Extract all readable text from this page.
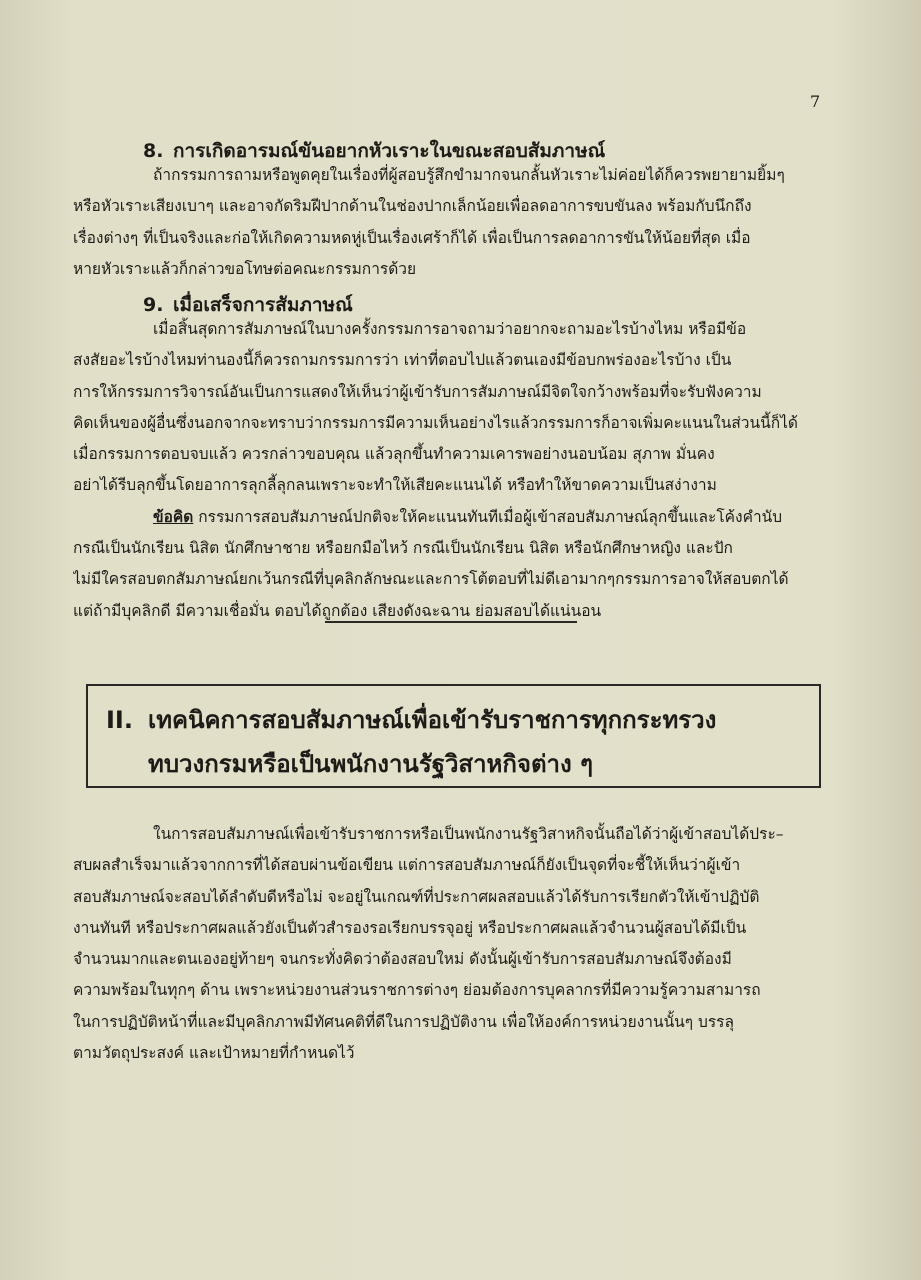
7
8. การเกิดอารมณ์ขันอยากหัวเราะในขณะสอบสัมภาษณ์
ถ้ากรรมการถามหรือพูดคุยในเรื่องที่ผู้สอบรู้สึกขำมากจนกลั้นหัวเราะไม่ค่อยได้ก็ควรพยายามยิ้มๆ
หรือหัวเราะเสียงเบาๆ และอาจกัดริมฝีปากด้านในช่องปากเล็กน้อยเพื่อลดอาการขบขันลง พร้อมกับนึกถึง
เรื่องต่างๆ ที่เป็นจริงและก่อให้เกิดความหดหู่เป็นเรื่องเศร้าก็ได้ เพื่อเป็นการลดอาการขันให้น้อยที่สุด เมื่อ
หายหัวเราะแล้วก็กล่าวขอโทษต่อคณะกรรมการด้วย
9. เมื่อเสร็จการสัมภาษณ์
เมื่อสิ้นสุดการสัมภาษณ์ในบางครั้งกรรมการอาจถามว่าอยากจะถามอะไรบ้างไหม หรือมีข้อ
สงสัยอะไรบ้างไหมท่านองนี้ก็ควรถามกรรมการว่า เท่าที่ตอบไปแล้วตนเองมีข้อบกพร่องอะไรบ้าง เป็น
การให้กรรมการวิจารณ์อันเป็นการแสดงให้เห็นว่าผู้เข้ารับการสัมภาษณ์มีจิตใจกว้างพร้อมที่จะรับฟังความ
คิดเห็นของผู้อื่นซึ่งนอกจากจะทราบว่ากรรมการมีความเห็นอย่างไรแล้วกรรมการก็อาจเพิ่มคะแนนในส่วนนี้ก็ได้
เมื่อกรรมการตอบจบแล้ว ควรกล่าวขอบคุณ แล้วลุกขึ้นทำความเคารพอย่างนอบน้อม สุภาพ มั่นคง
อย่าได้รีบลุกขึ้นโดยอาการลุกลี้ลุกลนเพราะจะทำให้เสียคะแนนได้ หรือทำให้ขาดความเป็นสง่างาม
ข้อคิด กรรมการสอบสัมภาษณ์ปกติจะให้คะแนนทันทีเมื่อผู้เข้าสอบสัมภาษณ์ลุกขึ้นและโค้งคำนับ
กรณีเป็นนักเรียน นิสิต นักศึกษาชาย หรือยกมือไหว้ กรณีเป็นนักเรียน นิสิต หรือนักศึกษาหญิง และปัก
ไม่มีใครสอบตกสัมภาษณ์ยกเว้นกรณีที่บุคลิกลักษณะและการโต้ตอบที่ไม่ดีเอามากๆกรรมการอาจให้สอบตกได้
แต่ถ้ามีบุคลิกดี มีความเชื่อมั่น ตอบได้ถูกต้อง เสียงดังฉะฉาน ย่อมสอบได้แน่นอน
II. เทคนิคการสอบสัมภาษณ์เพื่อเข้ารับราชการทุกกระทรวง
ทบวงกรมหรือเป็นพนักงานรัฐวิสาหกิจต่าง ๆ
ในการสอบสัมภาษณ์เพื่อเข้ารับราชการหรือเป็นพนักงานรัฐวิสาหกิจนั้นถือได้ว่าผู้เข้าสอบได้ประ–
สบผลสำเร็จมาแล้วจากการที่ได้สอบผ่านข้อเขียน แต่การสอบสัมภาษณ์ก็ยังเป็นจุดที่จะชี้ให้เห็นว่าผู้เข้า
สอบสัมภาษณ์จะสอบได้ลำดับดีหรือไม่ จะอยู่ในเกณฑ์ที่ประกาศผลสอบแล้วได้รับการเรียกตัวให้เข้าปฏิบัติ
งานทันที หรือประกาศผลแล้วยังเป็นตัวสำรองรอเรียกบรรจุอยู่ หรือประกาศผลแล้วจำนวนผู้สอบได้มีเป็น
จำนวนมากและตนเองอยู่ท้ายๆ จนกระทั่งคิดว่าต้องสอบใหม่ ดังนั้นผู้เข้ารับการสอบสัมภาษณ์จึงต้องมี
ความพร้อมในทุกๆ ด้าน เพราะหน่วยงานส่วนราชการต่างๆ ย่อมต้องการบุคลากรที่มีความรู้ความสามารถ
ในการปฏิบัติหน้าที่และมีบุคลิกภาพมีทัศนคติที่ดีในการปฏิบัติงาน เพื่อให้องค์การหน่วยงานนั้นๆ บรรลุ
ตามวัตถุประสงค์ และเป้าหมายที่กำหนดไว้
